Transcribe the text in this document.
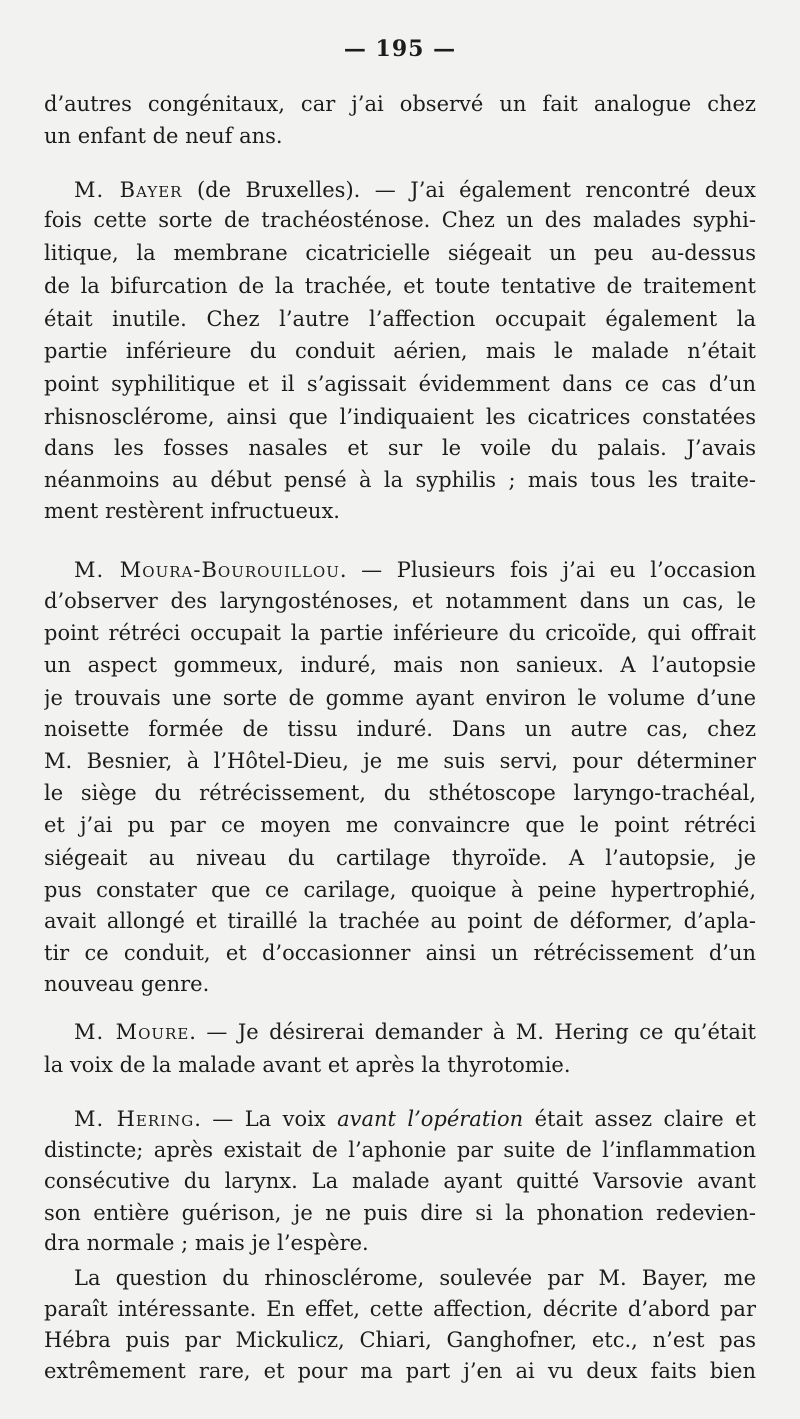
— 195 —
d’autres congénitaux, car j’ai observé un fait analogue chez
un enfant de neuf ans.
M. Bayer (de Bruxelles). — J’ai également rencontré deux
fois cette sorte de trachéosténose. Chez un des malades syphi-
litique, la membrane cicatricielle siégeait un peu au-dessus
de la bifurcation de la trachée, et toute tentative de traitement
était inutile. Chez l’autre l’affection occupait également la
partie inférieure du conduit aérien, mais le malade n’était
point syphilitique et il s’agissait évidemment dans ce cas d’un
rhisnosclérome, ainsi que l’indiquaient les cicatrices constatées
dans les fosses nasales et sur le voile du palais. J’avais
néanmoins au début pensé à la syphilis ; mais tous les traite-
ment restèrent infructueux.
M. Moura-Bourouillou. — Plusieurs fois j’ai eu l’occasion
d’observer des laryngosténoses, et notamment dans un cas, le
point rétréci occupait la partie inférieure du cricoïde, qui offrait
un aspect gommeux, induré, mais non sanieux. A l’autopsie
je trouvais une sorte de gomme ayant environ le volume d’une
noisette formée de tissu induré. Dans un autre cas, chez
M. Besnier, à l’Hôtel-Dieu, je me suis servi, pour déterminer
le siège du rétrécissement, du sthétoscope laryngo-trachéal,
et j’ai pu par ce moyen me convaincre que le point rétréci
siégeait au niveau du cartilage thyroïde. A l’autopsie, je
pus constater que ce carilage, quoique à peine hypertrophié,
avait allongé et tiraillé la trachée au point de déformer, d’apla-
tir ce conduit, et d’occasionner ainsi un rétrécissement d’un
nouveau genre.
M. Moure. — Je désirerai demander à M. Hering ce qu’était
la voix de la malade avant et après la thyrotomie.
M. Hering. — La voix avant l’opération était assez claire et
distincte; après existait de l’aphonie par suite de l’inflammation
consécutive du larynx. La malade ayant quitté Varsovie avant
son entière guérison, je ne puis dire si la phonation redevien-
dra normale ; mais je l’espère.
La question du rhinosclérome, soulevée par M. Bayer, me
paraît intéressante. En effet, cette affection, décrite d’abord par
Hébra puis par Mickulicz, Chiari, Ganghofner, etc., n’est pas
extrêmement rare, et pour ma part j’en ai vu deux faits bien
